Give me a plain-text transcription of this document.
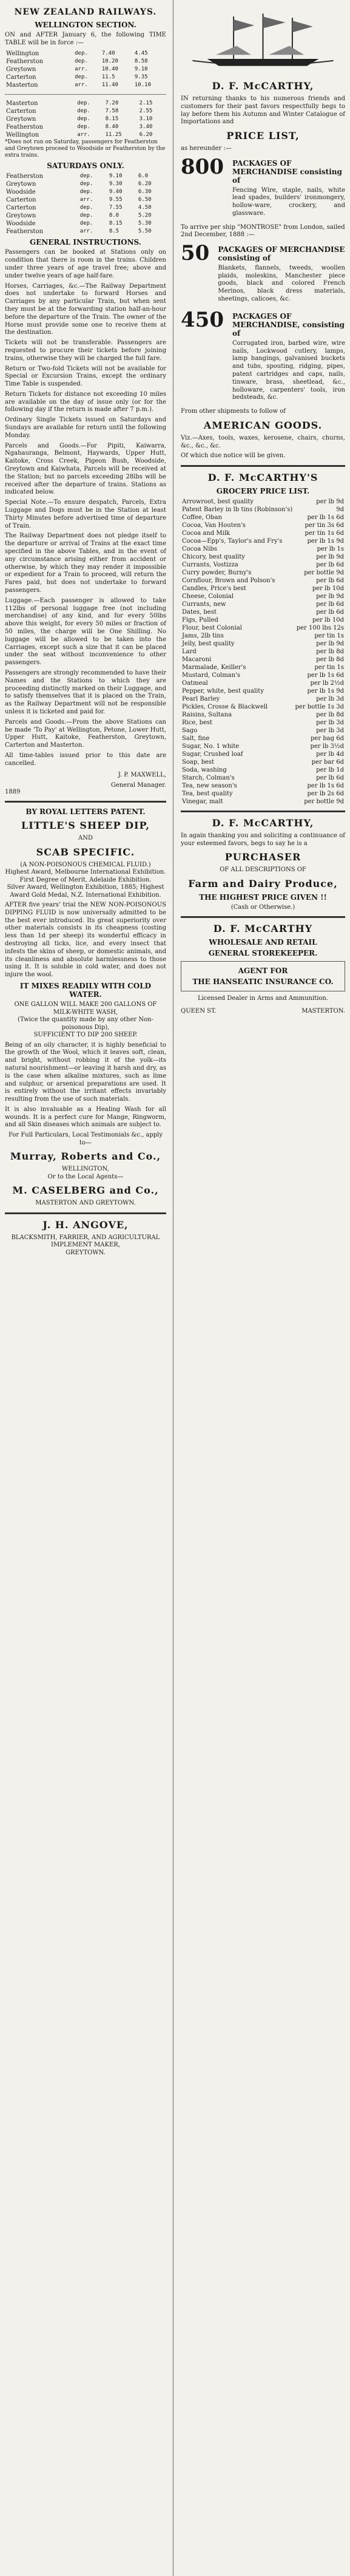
NEW ZEALAND RAILWAYS.
WELLINGTON SECTION.
ON and AFTER January 6, the following TIME TABLE will be in force :—
Wellington	dep.	7.40	4.45
Featherston	dep.	10.20	8.58
Greytown	arr.	10.40	9.10
Carterton	dep.	11.5	9.35
Masterton	arr.	11.40	10.10
Masterton	dep.	7.20	2.15
Carterton	dep.	7.58	2.55
Greytown	dep.	8.15	3.10
Featherston	dep.	8.40	3.40
Wellington	arr.	11.25	6.20
*Does not run on Saturday, passengers for Featherston and Greytown proceed to Woodside or Featherston by the extra trains.
SATURDAYS ONLY.
Featherston	dep.	9.10	6.0
Greytown	dep.	9.30	6.20
Woodside	dep.	9.40	6.30
Carterton	arr.	9.55	6.50
Carterton	dep.	7.55	4.50
Greytown	dep.	8.0	5.20
Woodside	dep.	8.15	5.30
Featherston	arr.	8.5	5.50
GENERAL INSTRUCTIONS.
Passengers can be booked at Stations only on condition that there is room in the trains. Children under three years of age travel free; above and under twelve years of age half-fare.
Horses, Carriages, &c.—The Railway Department does not undertake to forward Horses and Carriages by any particular Train, but when sent they must be at the forwarding station half-an-hour before the departure of the Train. The owner of the Horse must provide some one to receive them at the destination.
Tickets will not be transferable. Passengers are requested to procure their tickets before joining trains, otherwise they will be charged the full fare.
Return or Two-fold Tickets will not be available for Special or Excursion Trains, except the ordinary Time Table is suspended.
Return Tickets for distance not exceeding 10 miles are available on the day of issue only (or for the following day if the return is made after 7 p.m.).
Ordinary Single Tickets issued on Saturdays and Sundays are available for return until the following Monday.
Parcels and Goods.—For Pipiti, Kaiwarra, Ngahauranga, Belmont, Haywards, Upper Hutt, Kaitoke, Cross Creek, Pigeon Bush, Woodside, Greytown and Kaiwhata, Parcels will be received at the Station; but no parcels exceeding 28lbs will be received after the departure of trains. Stations as indicated below.
Special Note.—To ensure despatch, Parcels, Extra Luggage and Dogs must be in the Station at least Thirty Minutes before advertised time of departure of Train.
The Railway Department does not pledge itself to the departure or arrival of Trains at the exact time specified in the above Tables, and in the event of any circumstance arising either from accident or otherwise, by which they may render it impossible or expedient for a Train to proceed, will return the Fares paid, but does not undertake to forward passengers.
Luggage.—Each passenger is allowed to take 112lbs of personal luggage free (not including merchandise) of any kind, and for every 50lbs above this weight, for every 50 miles or fraction of 50 miles, the charge will be One Shilling. No luggage will be allowed to be taken into the Carriages, except such a size that it can be placed under the seat without inconvenience to other passengers.
Passengers are strongly recommended to have their Names and the Stations to which they are proceeding distinctly marked on their Luggage, and to satisfy themselves that it is placed on the Train, as the Railway Department will not be responsible unless it is ticketed and paid for.
Parcels and Goods.—From the above Stations can be made 'To Pay' at Wellington, Petone, Lower Hutt, Upper Hutt, Kaitoke, Featherston, Greytown, Carterton and Masterton.
All time-tables issued prior to this date are cancelled.
J. P. MAXWELL,
General Manager.
1889
BY ROYAL LETTERS PATENT.
LITTLE'S SHEEP DIP,
AND
SCAB SPECIFIC.
(A NON-POISONOUS CHEMICAL FLUID.)
Highest Award, Melbourne International Exhibition.
First Degree of Merit, Adelaide Exhibition.
Silver Award, Wellington Exhibition, 1885; Highest Award Gold Medal, N.Z. International Exhibition.
AFTER five years' trial the NEW NON-POISONOUS DIPPING FLUID is now universally admitted to be the best ever introduced. Its great superiority over other materials consists in its cheapness (costing less than 1d per sheep) its wonderful efficacy in destroying all ticks, lice, and every insect that infests the skins of sheep, or domestic animals, and its cleanliness and absolute harmlessness to those using it. It is soluble in cold water, and does not injure the wool.
IT MIXES READILY WITH COLD WATER.
ONE GALLON WILL MAKE 200 GALLONS OF MILK-WHITE WASH,
(Twice the quantity made by any other Non-poisonous Dip),
SUFFICIENT TO DIP 200 SHEEP.
Being of an oily character, it is highly beneficial to the growth of the Wool, which it leaves soft, clean, and bright, without robbing it of the yolk—its natural nourishment—or leaving it harsh and dry, as is the case when alkaline mixtures, such as lime and sulphur, or arsenical preparations are used. It is entirely without the irritant effects invariably resulting from the use of such materials.
It is also invaluable as a Healing Wash for all wounds. It is a perfect cure for Mange, Ringworm, and all Skin diseases which animals are subject to.
For Full Particulars, Local Testimonials &c., apply to—
Murray, Roberts and Co.,
WELLINGTON,
Or to the Local Agents—
M. CASELBERG and Co.,
MASTERTON AND GREYTOWN.
J. H. ANGOVE,
BLACKSMITH, FARRIER, AND AGRICULTURAL IMPLEMENT MAKER,
GREYTOWN.
D. F. McCARTHY,
IN returning thanks to his numerous friends and customers for their past favors respectfully begs to lay before them his Autumn and Winter Catalogue of Importations and
PRICE LIST,
as hereunder :—
800 PACKAGES OF MERCHANDISE consisting of
Fencing Wire, staple, nails, white lead spades, builders' ironmongery, hollow-ware, crockery, and glassware.
To arrive per ship "MONTROSE" from London, sailed 2nd December, 1888 :—
50 PACKAGES OF MERCHANDISE consisting of
Blankets, flannels, tweeds, woollen plaids, moleskins, Manchester piece goods, black and colored French Merinos, black dress materials, sheetings, calicoes, &c.
450 PACKAGES OF MERCHANDISE, consisting of
Corrugated iron, barbed wire, wire nails, Lockwood cutlery, lamps, lamp hangings, galvanised buckets and tubs, spouting, ridging, pipes, patent cartridges and caps, nails, tinware, brass, sheetlead, &c., holloware, carpenters' tools, iron bedsteads, &c.
From other shipments to follow of
AMERICAN GOODS.
Viz.—Axes, tools, waxes, kerosene, chairs, churns, &c., &c., &c.
Of which due notice will be given.
D. F. McCARTHY'S
GROCERY PRICE LIST.
Arrowroot, best quality	per lb 9d
Patent Barley in lb tins (Robinson's)	9d
Coffee, Oban	per lb 1s 6d
Cocoa, Van Houten's	per tin 3s 6d
Cocoa and Milk	per tin 1s 6d
Cocoa—Epp's, Taylor's and Fry's	per lb 1s 9d
Cocoa Nibs	per lb 1s
Chicory, best quality	per lb 9d
Currants, Vostizza	per lb 6d
Curry powder, Burny's	per bottle 9d
Cornflour, Brown and Polson's	per lb 6d
Candles, Price's best	per lb 10d
Cheese, Colonial	per lb 9d
Currants, new	per lb 6d
Dates, best	per lb 6d
Figs, Pulled	per lb 10d
Flour, best Colonial	per 100 lbs 12s
Jams, 2lb tins	per tin 1s
Jelly, best quality	per lb 9d
Lard	per lb 8d
Macaroni	per lb 8d
Marmalade, Keiller's	per tin 1s
Mustard, Colman's	per lb 1s 6d
Oatmeal	per lb 2½d
Pepper, white, best quality	per lb 1s 9d
Pearl Barley	per lb 3d
Pickles, Crosse & Blackwell	per bottle 1s 3d
Raisins, Sultana	per lb 8d
Rice, best	per lb 3d
Sago	per lb 3d
Salt, fine	per bag 6d
Sugar, No. 1 white	per lb 3½d
Sugar, Crushed loaf	per lb 4d
Soap, best	per bar 6d
Soda, washing	per lb 1d
Starch, Colman's	per lb 6d
Tea, new season's	per lb 1s 6d
Tea, best quality	per lb 2s 6d
Vinegar, malt	per bottle 9d
D. F. McCARTHY,
In again thanking you and soliciting a continuance of your esteemed favors, begs to say he is a
PURCHASER
OF ALL DESCRIPTIONS OF
Farm and Dairy Produce,
THE HIGHEST PRICE GIVEN !!
(Cash or Otherwise.)
D. F. McCARTHY
WHOLESALE AND RETAIL
GENERAL STOREKEEPER.
AGENT FOR
THE HANSEATIC INSURANCE CO.
Licensed Dealer in Arms and Ammunition.
QUEEN ST.	MASTERTON.
